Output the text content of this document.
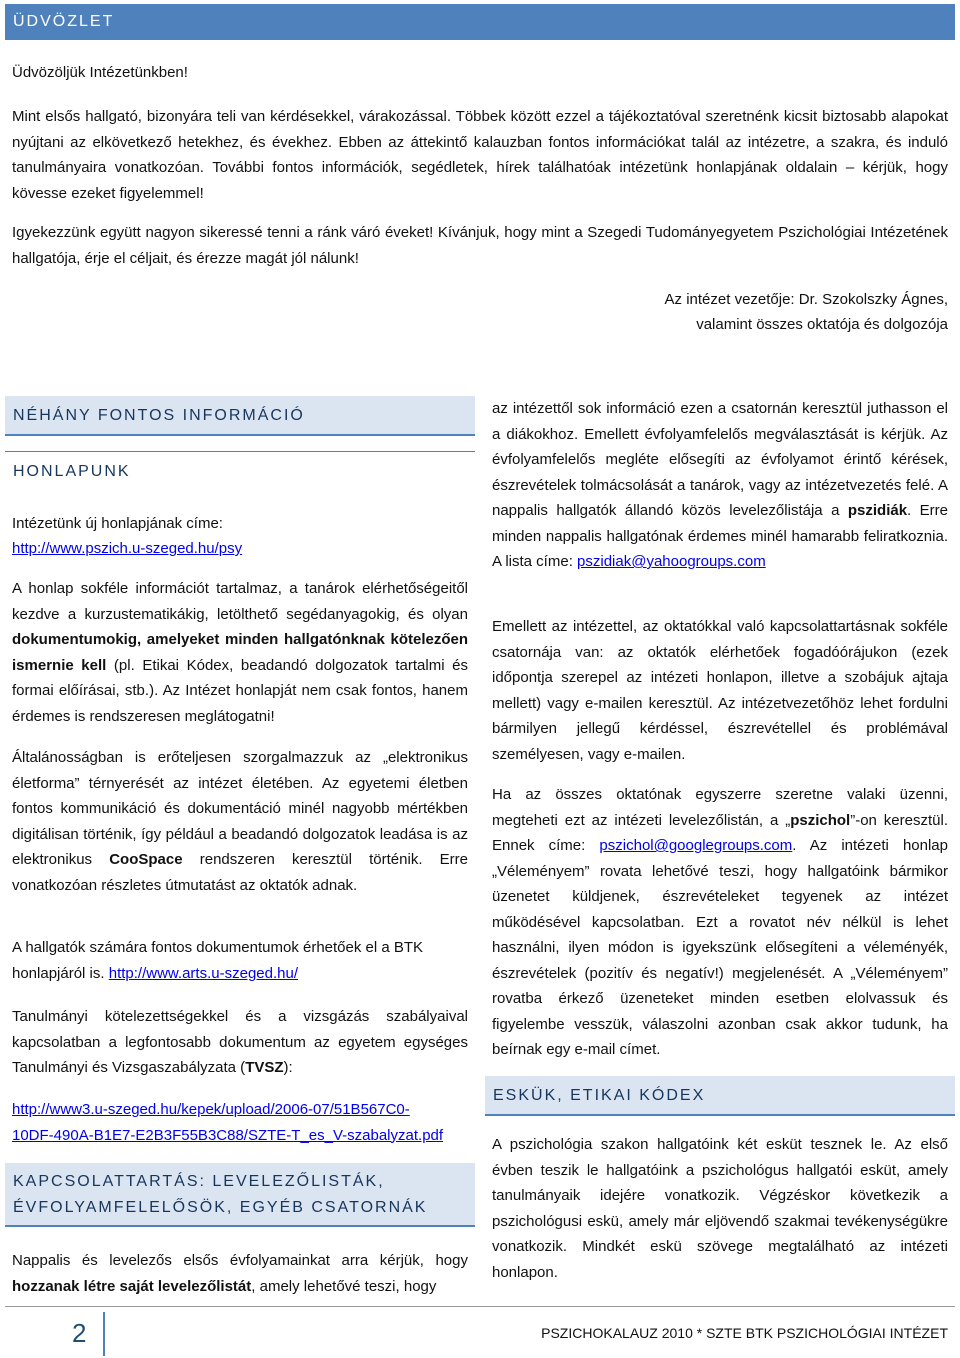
ÜDVÖZLET

Üdvözöljük Intézetünkben!

Mint elsős hallgató, bizonyára teli van kérdésekkel, várakozással. Többek között ezzel a tájékoztatóval szeretnénk kicsit biztosabb alapokat nyújtani az elkövetkező hetekhez, és évekhez. Ebben az áttekintő kalauzban fontos információkat talál az intézetre, a szakra, és induló tanulmányaira vonatkozóan. További fontos információk, segédletek, hírek találhatóak intézetünk honlapjának oldalain – kérjük, hogy kövesse ezeket figyelemmel!

Igyekezzünk együtt nagyon sikeressé tenni a ránk váró éveket! Kívánjuk, hogy mint a Szegedi Tudományegyetem Pszichológiai Intézetének hallgatója, érje el céljait, és érezze magát jól nálunk!

Az intézet vezetője: Dr. Szokolszky Ágnes,

valamint összes oktatója és dolgozója

NÉHÁNY FONTOS INFORMÁCIÓ
HONLAPUNK

Intézetünk új honlapjának címe:

http://www.pszich.u-szeged.hu/psy

A honlap sokféle információt tartalmaz, a tanárok elérhetőségeitől kezdve a kurzustematikákig, letölthető segédanyagokig, és olyan dokumentumokig, amelyeket minden hallgatónknak kötelezően ismernie kell (pl. Etikai Kódex, beadandó dolgozatok tartalmi és formai előírásai, stb.). Az Intézet honlapját nem csak fontos, hanem érdemes is rendszeresen meglátogatni!

Általánosságban is erőteljesen szorgalmazzuk az „elektronikus életforma” térnyerését az intézet életében. Az egyetemi életben fontos kommunikáció és dokumentáció minél nagyobb mértékben digitálisan történik, így például a beadandó dolgozatok leadása is az elektronikus CooSpace rendszeren keresztül történik. Erre vonatkozóan részletes útmutatást az oktatók adnak.

A hallgatók számára fontos dokumentumok érhetőek el a BTK honlapjáról is. http://www.arts.u-szeged.hu/

Tanulmányi kötelezettségekkel és a vizsgázás szabályaival kapcsolatban a legfontosabb dokumentum az egyetem egységes Tanulmányi és Vizsgaszabályzata (TVSZ):

http://www3.u-szeged.hu/kepek/upload/2006-07/51B567C0-
10DF-490A-B1E7-E2B3F55B3C88/SZTE-T_es_V-szabalyzat.pdf

KAPCSOLATTARTÁS: LEVELEZŐLISTÁK,
ÉVFOLYAMFELELŐSÖK, EGYÉB CSATORNÁK

Nappalis és levelezős elsős évfolyamainkat arra kérjük, hogy hozzanak létre saját levelezőlistát, amely lehetővé teszi, hogy

az intézettől sok információ ezen a csatornán keresztül juthasson el a diákokhoz. Emellett évfolyamfelelős megválasztását is kérjük. Az évfolyamfelelős megléte elősegíti az évfolyamot érintő kérések, észrevételek tolmácsolását a tanárok, vagy az intézetvezetés felé. A nappalis hallgatók állandó közös levelezőlistája a pszidiák. Erre minden nappalis hallgatónak érdemes minél hamarabb feliratkoznia. A lista címe: pszidiak@yahoogroups.com

Emellett az intézettel, az oktatókkal való kapcsolattartásnak sokféle csatornája van: az oktatók elérhetőek fogadóórájukon (ezek időpontja szerepel az intézeti honlapon, illetve a szobájuk ajtaja mellett) vagy e-mailen keresztül. Az intézetvezetőhöz lehet fordulni bármilyen jellegű kérdéssel, észrevétellel és problémával személyesen, vagy e-mailen.

Ha az összes oktatónak egyszerre szeretne valaki üzenni, megteheti ezt az intézeti levelezőlistán, a „pszichol”-on keresztül. Ennek címe: pszichol@googlegroups.com. Az intézeti honlap „Véleményem” rovata lehetővé teszi, hogy hallgatóink bármikor üzenetet küldjenek, észrevételeket tegyenek az intézet működésével kapcsolatban. Ezt a rovatot név nélkül is lehet használni, ilyen módon is igyekszünk elősegíteni a véleményék, észrevételek (pozitív és negatív!) megjelenését. A „Véleményem” rovatba érkező üzeneteket minden esetben elolvassuk és figyelembe vesszük, válaszolni azonban csak akkor tudunk, ha beírnak egy e-mail címet.

ESKÜK, ETIKAI KÓDEX

A pszichológia szakon hallgatóink két esküt tesznek le. Az első évben teszik le hallgatóink a pszichológus hallgatói esküt, amely tanulmányaik idejére vonatkozik. Végzéskor következik a pszichológusi eskü, amely már eljövendő szakmai tevékenységükre vonatkozik. Mindkét eskü szövege megtalálható az intézeti honlapon.

2	PSZICHOKALAUZ 2010 * SZTE BTK PSZICHOLÓGIAI INTÉZET
